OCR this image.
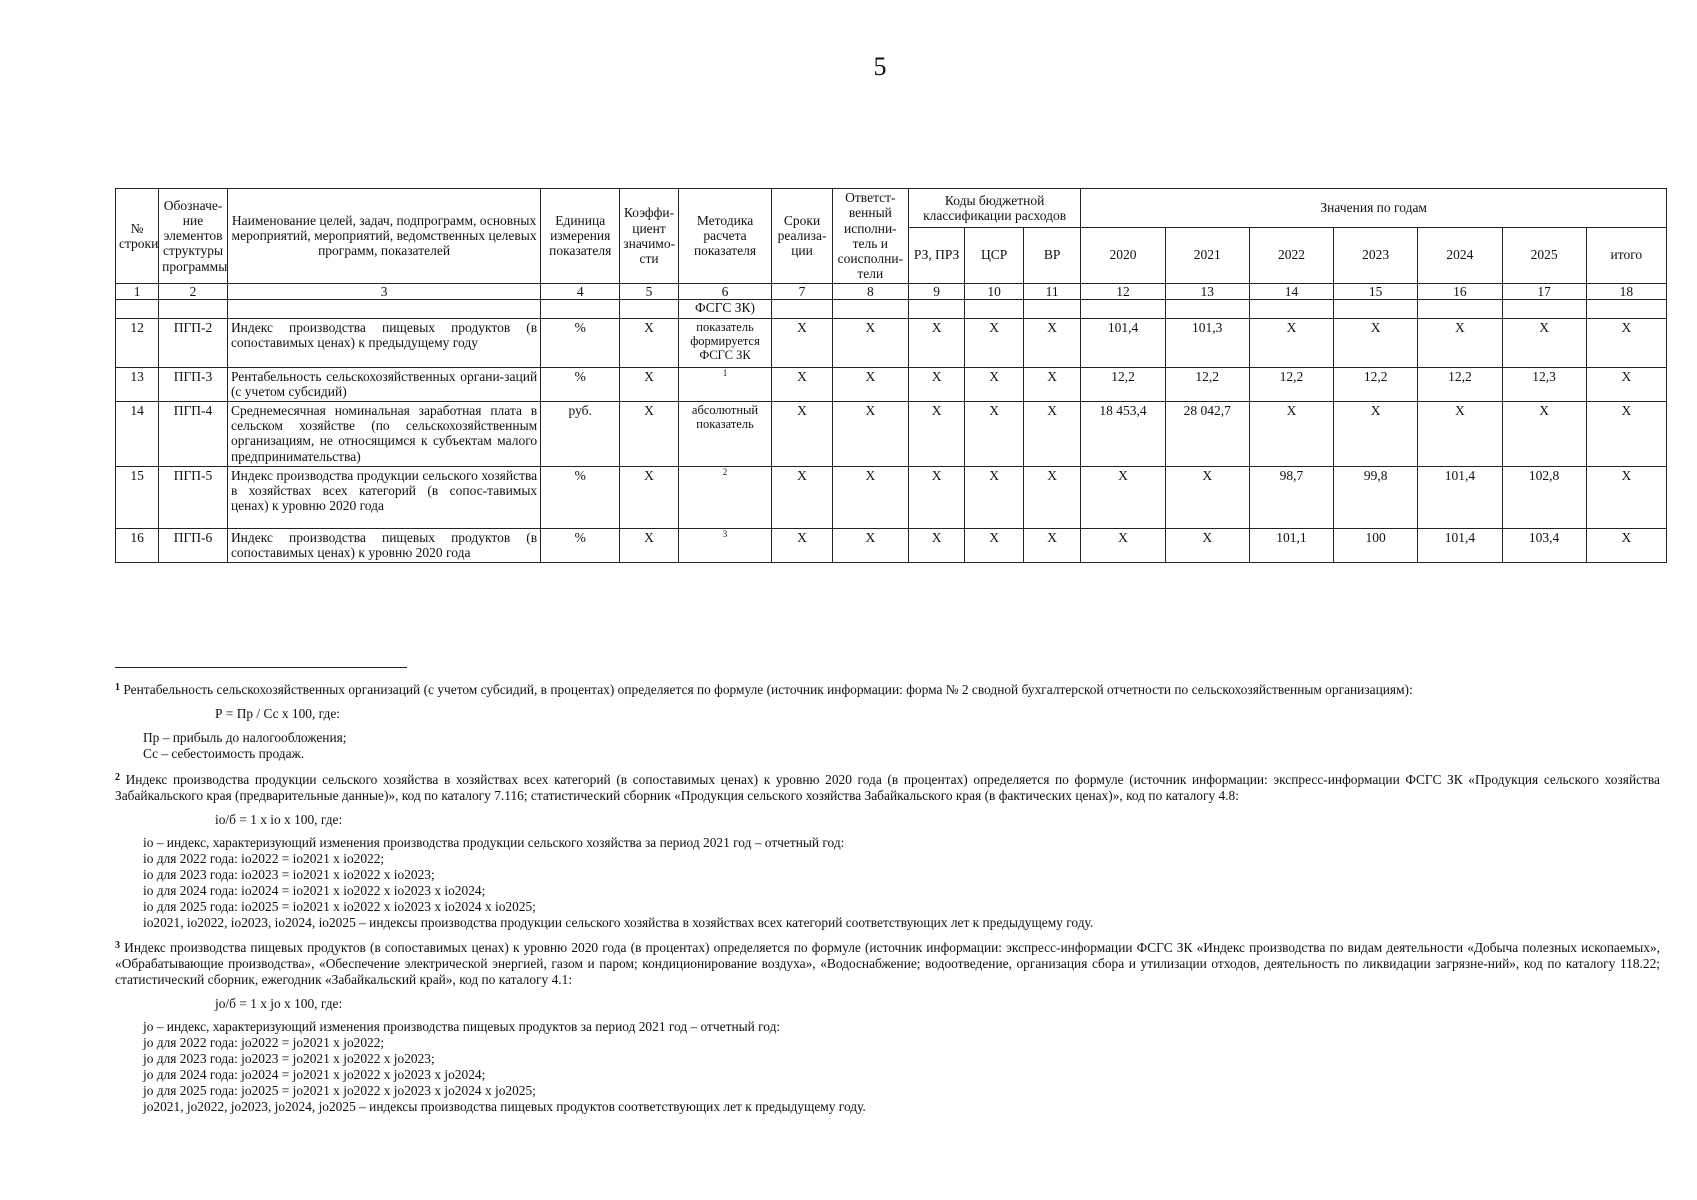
5
№ строки	Обозначе-ние элементов структуры программы	Наименование целей, задач, подпрограмм, основных мероприятий, мероприятий, ведомственных целевых программ, показателей	Единица измерения показателя	Коэффи-циент значимо-сти	Методика расчета показателя	Сроки реализа-ции	Ответст-венный исполни-тель и соисполни-тели	Коды бюджетной классификации расходов			Значения по годам						
								РЗ, ПРЗ	ЦСР	ВР	2020	2021	2022	2023	2024	2025	итого
1	2	3	4	5	6	7	8	9	10	11	12	13	14	15	16	17	18
					ФСГС ЗК)												
12	ПГП-2	Индекс производства пищевых продуктов (в сопоставимых ценах) к предыдущему году	%	Х	показатель формируется ФСГС ЗК	Х	Х	Х	Х	Х	101,4	101,3	Х	Х	Х	Х	Х
13	ПГП-3	Рентабельность сельскохозяйственных органи-заций (с учетом субсидий)	%	Х	1	Х	Х	Х	Х	Х	12,2	12,2	12,2	12,2	12,2	12,3	Х
14	ПГП-4	Среднемесячная номинальная заработная плата в сельском хозяйстве (по сельскохозяйственным организациям, не относящимся к субъектам малого предпринимательства)	руб.	Х	абсолютный показатель	Х	Х	Х	Х	Х	18 453,4	28 042,7	Х	Х	Х	Х	Х
15	ПГП-5	Индекс производства продукции сельского хозяйства в хозяйствах всех категорий (в сопос-тавимых ценах) к уровню 2020 года	%	Х	2	Х	Х	Х	Х	Х	Х	Х	98,7	99,8	101,4	102,8	Х
16	ПГП-6	Индекс производства пищевых продуктов (в сопоставимых ценах) к уровню 2020 года	%	Х	3	Х	Х	Х	Х	Х	Х	Х	101,1	100	101,4	103,4	Х

$^1$ Рентабельность сельскохозяйственных организаций (с учетом субсидий, в процентах) определяется по формуле (источник информации: форма № 2 сводной бухгалтерской отчетности по сельскохозяйственным организациям):

Р = Пр / Сс х 100, где:

Пр – прибыль до налогообложения;

Сс – себестоимость продаж.

$^2$ Индекс производства продукции сельского хозяйства в хозяйствах всех категорий (в сопоставимых ценах) к уровню 2020 года (в процентах) определяется по формуле (источник информации: экспресс-информации ФСГС ЗК «Продукция сельского хозяйства Забайкальского края (предварительные данные)», код по каталогу 7.116; статистический сборник «Продукция сельского хозяйства Забайкальского края (в фактических ценах)», код по каталогу 4.8:

iо/б = 1 х iо х 100, где:

iо – индекс, характеризующий изменения производства продукции сельского хозяйства за период 2021 год – отчетный год:

iо для 2022 года: iо2022 = iо2021 х iо2022;

iо для 2023 года: iо2023 = iо2021 х iо2022 х iо2023;

iо для 2024 года: iо2024 = iо2021 х iо2022 х iо2023 х iо2024;

iо для 2025 года: iо2025 = iо2021 х iо2022 х iо2023 х iо2024 х iо2025;

iо2021, iо2022, iо2023, iо2024, iо2025 – индексы производства продукции сельского хозяйства в хозяйствах всех категорий соответствующих лет к предыдущему году.

$^3$ Индекс производства пищевых продуктов (в сопоставимых ценах) к уровню 2020 года (в процентах) определяется по формуле (источник информации: экспресс-информации ФСГС ЗК «Индекс производства по видам деятельности «Добыча полезных ископаемых», «Обрабатывающие производства», «Обеспечение электрической энергией, газом и паром; кондиционирование воздуха», «Водоснабжение; водоотведение, организация сбора и утилизации отходов, деятельность по ликвидации загрязне-ний», код по каталогу 118.22; статистический сборник, ежегодник «Забайкальский край», код по каталогу 4.1:

jо/б = 1 х jо х 100, где:

jо – индекс, характеризующий изменения производства пищевых продуктов за период 2021 год – отчетный год:

jо для 2022 года: jо2022 = jо2021 х jо2022;

jо для 2023 года: jо2023 = jо2021 х jо2022 х jо2023;

jо для 2024 года: jо2024 = jо2021 х jо2022 х jо2023 х jо2024;

jо для 2025 года: jо2025 = jо2021 х jо2022 х jо2023 х jо2024 х jо2025;

jо2021, jо2022, jо2023, jо2024, jо2025 – индексы производства пищевых продуктов соответствующих лет к предыдущему году.
